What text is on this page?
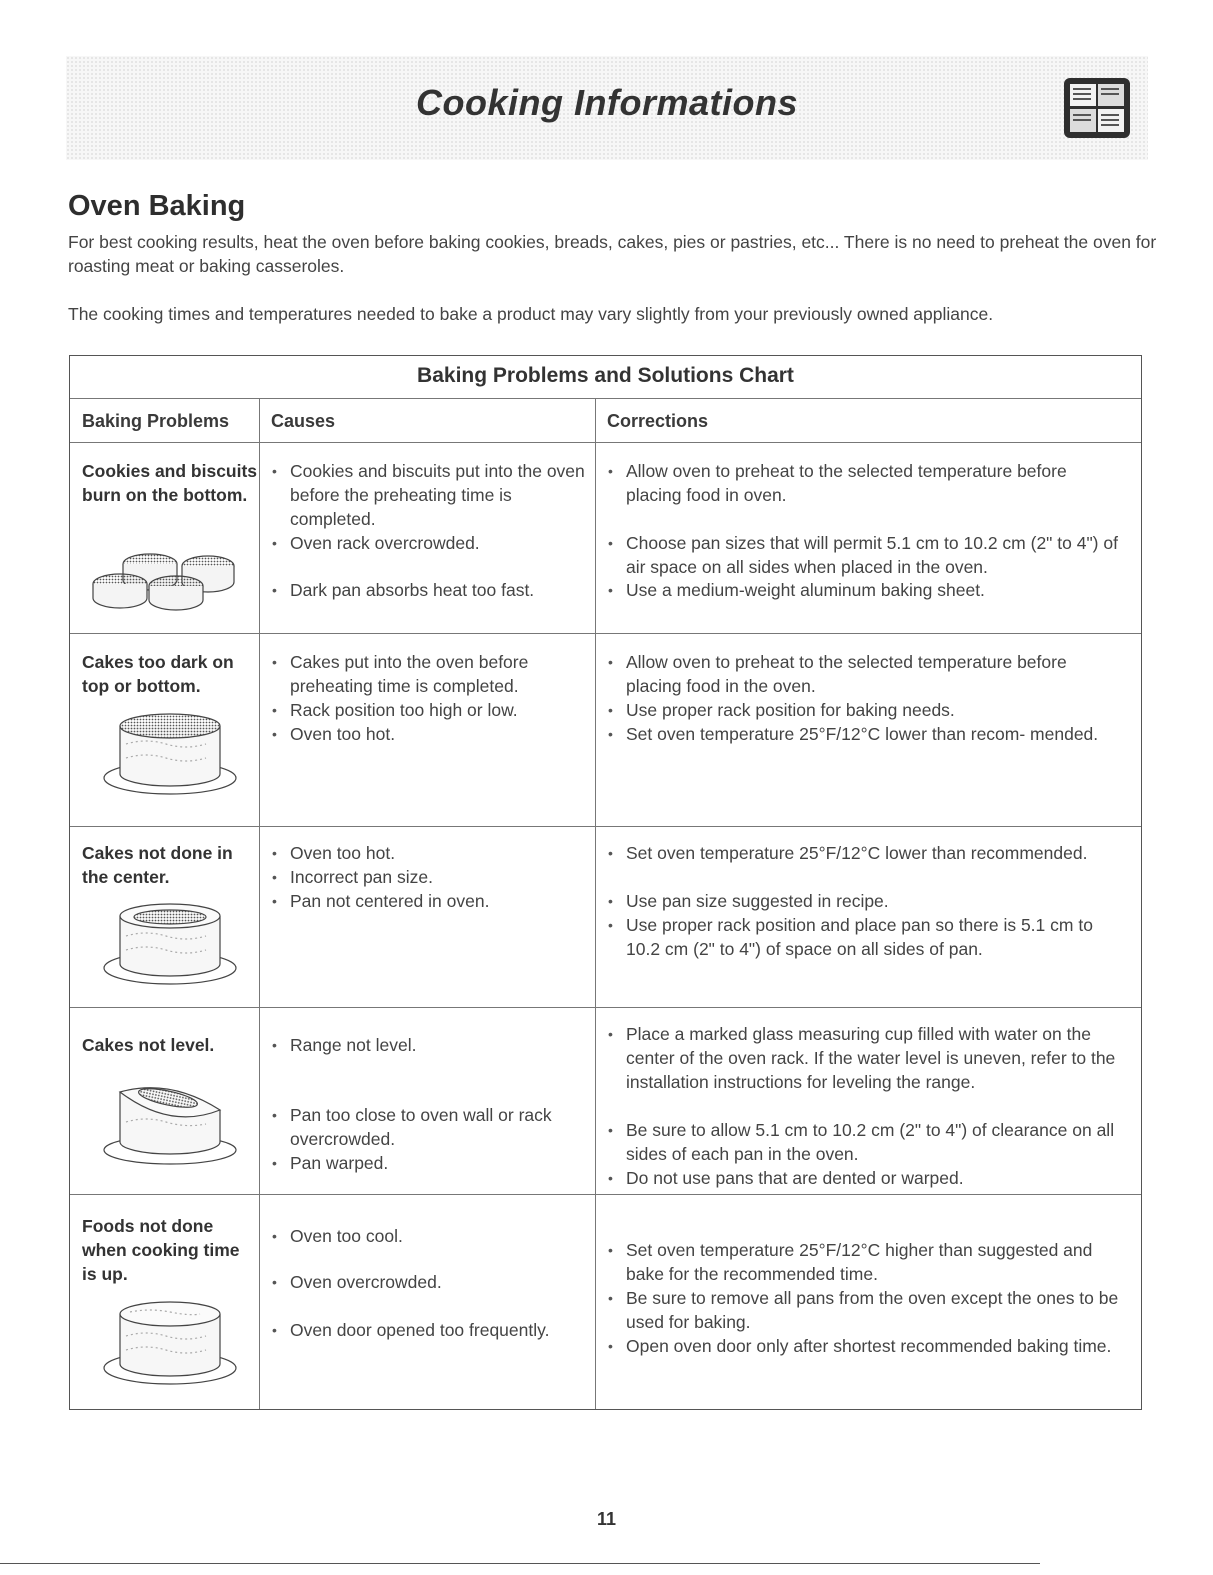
Cooking Informations
Oven Baking
For best cooking results, heat the oven before baking cookies, breads, cakes, pies or pastries, etc... There is no need to preheat the oven for roasting meat or baking casseroles.
The cooking times and temperatures needed to bake a product may vary slightly from your previously owned appliance.
Baking Problems and Solutions Chart
Baking Problems	Causes	Corrections
Cookies and biscuits burn on the bottom.
• Cookies and biscuits put into the oven before the preheating time is completed.
• Oven rack overcrowded.
• Dark pan absorbs heat too fast.
• Allow oven to preheat to the selected temperature before placing food in oven.
• Choose pan sizes that will permit 5.1 cm to 10.2 cm (2" to 4") of air space on all sides when placed in the oven.
• Use a medium-weight aluminum baking sheet.
Cakes too dark on top or bottom.
• Cakes put into the oven before preheating time is completed.
• Rack position too high or low.
• Oven too hot.
• Allow oven to preheat to the selected temperature before placing food in the oven.
• Use proper rack position for baking needs.
• Set oven temperature 25°F/12°C lower than recom- mended.
Cakes not done in the center.
• Oven too hot.
• Incorrect pan size.
• Pan not centered in oven.
• Set oven temperature 25°F/12°C lower than recommended.
• Use pan size suggested in recipe.
• Use proper rack position and place pan so there is 5.1 cm to 10.2 cm (2" to 4") of space on all sides of pan.
Cakes not level.
•	Range not level.
• Pan too close to oven wall or rack overcrowded.
• Pan warped.
• Place a marked glass measuring cup filled with water on the center of the oven rack. If the water level is uneven, refer to the installation instructions for leveling the range.
• Be sure to allow 5.1 cm to 10.2 cm (2" to 4") of clearance on all sides of each pan in the oven.
• Do not use pans that are dented or warped.
Foods not done when cooking time is up.
• Oven too cool.
• Oven overcrowded.
• Oven door opened too frequently.
• Set oven temperature 25°F/12°C higher than suggested and bake for the recommended time.
• Be sure to remove all pans from the oven except the ones to be used for baking.
• Open oven door only after shortest recommended baking time.
11
